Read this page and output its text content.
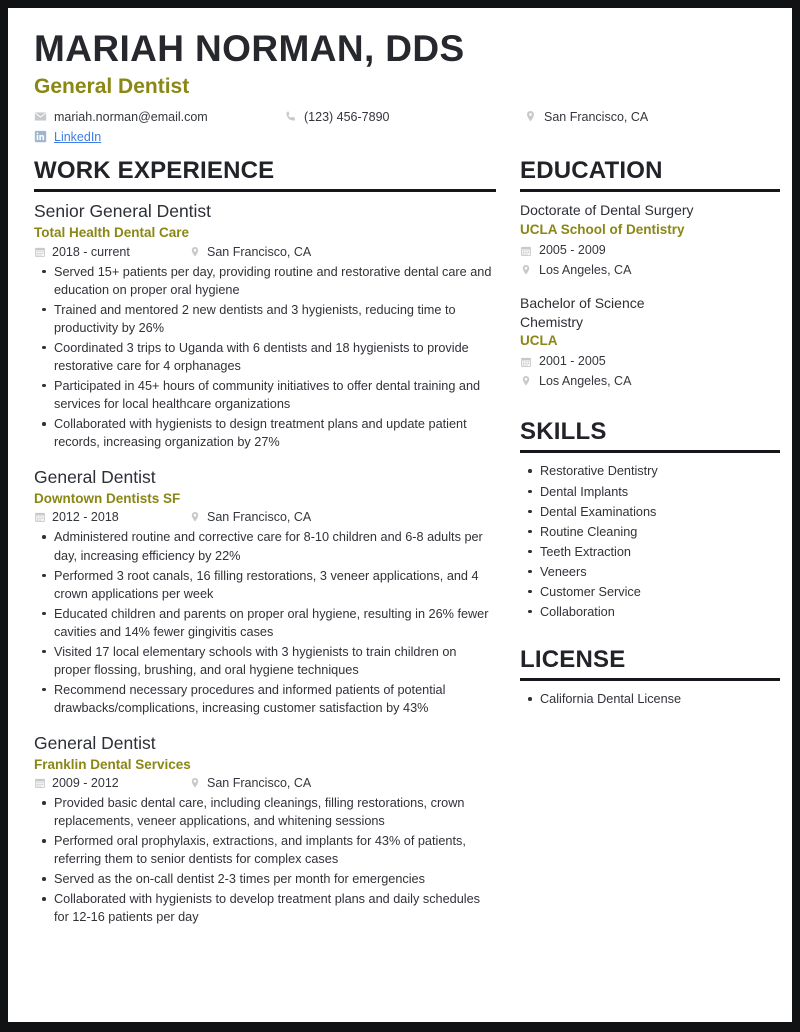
MARIAH NORMAN, DDS
General Dentist
mariah.norman@email.com	(123) 456-7890	San Francisco, CA
LinkedIn
WORK EXPERIENCE
Senior General Dentist
Total Health Dental Care
2018 - current	San Francisco, CA
Served 15+ patients per day, providing routine and restorative dental care and education on proper oral hygiene
Trained and mentored 2 new dentists and 3 hygienists, reducing time to productivity by 26%
Coordinated 3 trips to Uganda with 6 dentists and 18 hygienists to provide restorative care for 4 orphanages
Participated in 45+ hours of community initiatives to offer dental training and services for local healthcare organizations
Collaborated with hygienists to design treatment plans and update patient records, increasing organization by 27%
General Dentist
Downtown Dentists SF
2012 - 2018	San Francisco, CA
Administered routine and corrective care for 8-10 children and 6-8 adults per day, increasing efficiency by 22%
Performed 3 root canals, 16 filling restorations, 3 veneer applications, and 4 crown applications per week
Educated children and parents on proper oral hygiene, resulting in 26% fewer cavities and 14% fewer gingivitis cases
Visited 17 local elementary schools with 3 hygienists to train children on proper flossing, brushing, and oral hygiene techniques
Recommend necessary procedures and informed patients of potential drawbacks/complications, increasing customer satisfaction by 43%
General Dentist
Franklin Dental Services
2009 - 2012	San Francisco, CA
Provided basic dental care, including cleanings, filling restorations, crown replacements, veneer applications, and whitening sessions
Performed oral prophylaxis, extractions, and implants for 43% of patients, referring them to senior dentists for complex cases
Served as the on-call dentist 2-3 times per month for emergencies
Collaborated with hygienists to develop treatment plans and daily schedules for 12-16 patients per day
EDUCATION
Doctorate of Dental Surgery
UCLA School of Dentistry
2005 - 2009
Los Angeles, CA
Bachelor of Science
Chemistry
UCLA
2001 - 2005
Los Angeles, CA
SKILLS
Restorative Dentistry
Dental Implants
Dental Examinations
Routine Cleaning
Teeth Extraction
Veneers
Customer Service
Collaboration
LICENSE
California Dental License
